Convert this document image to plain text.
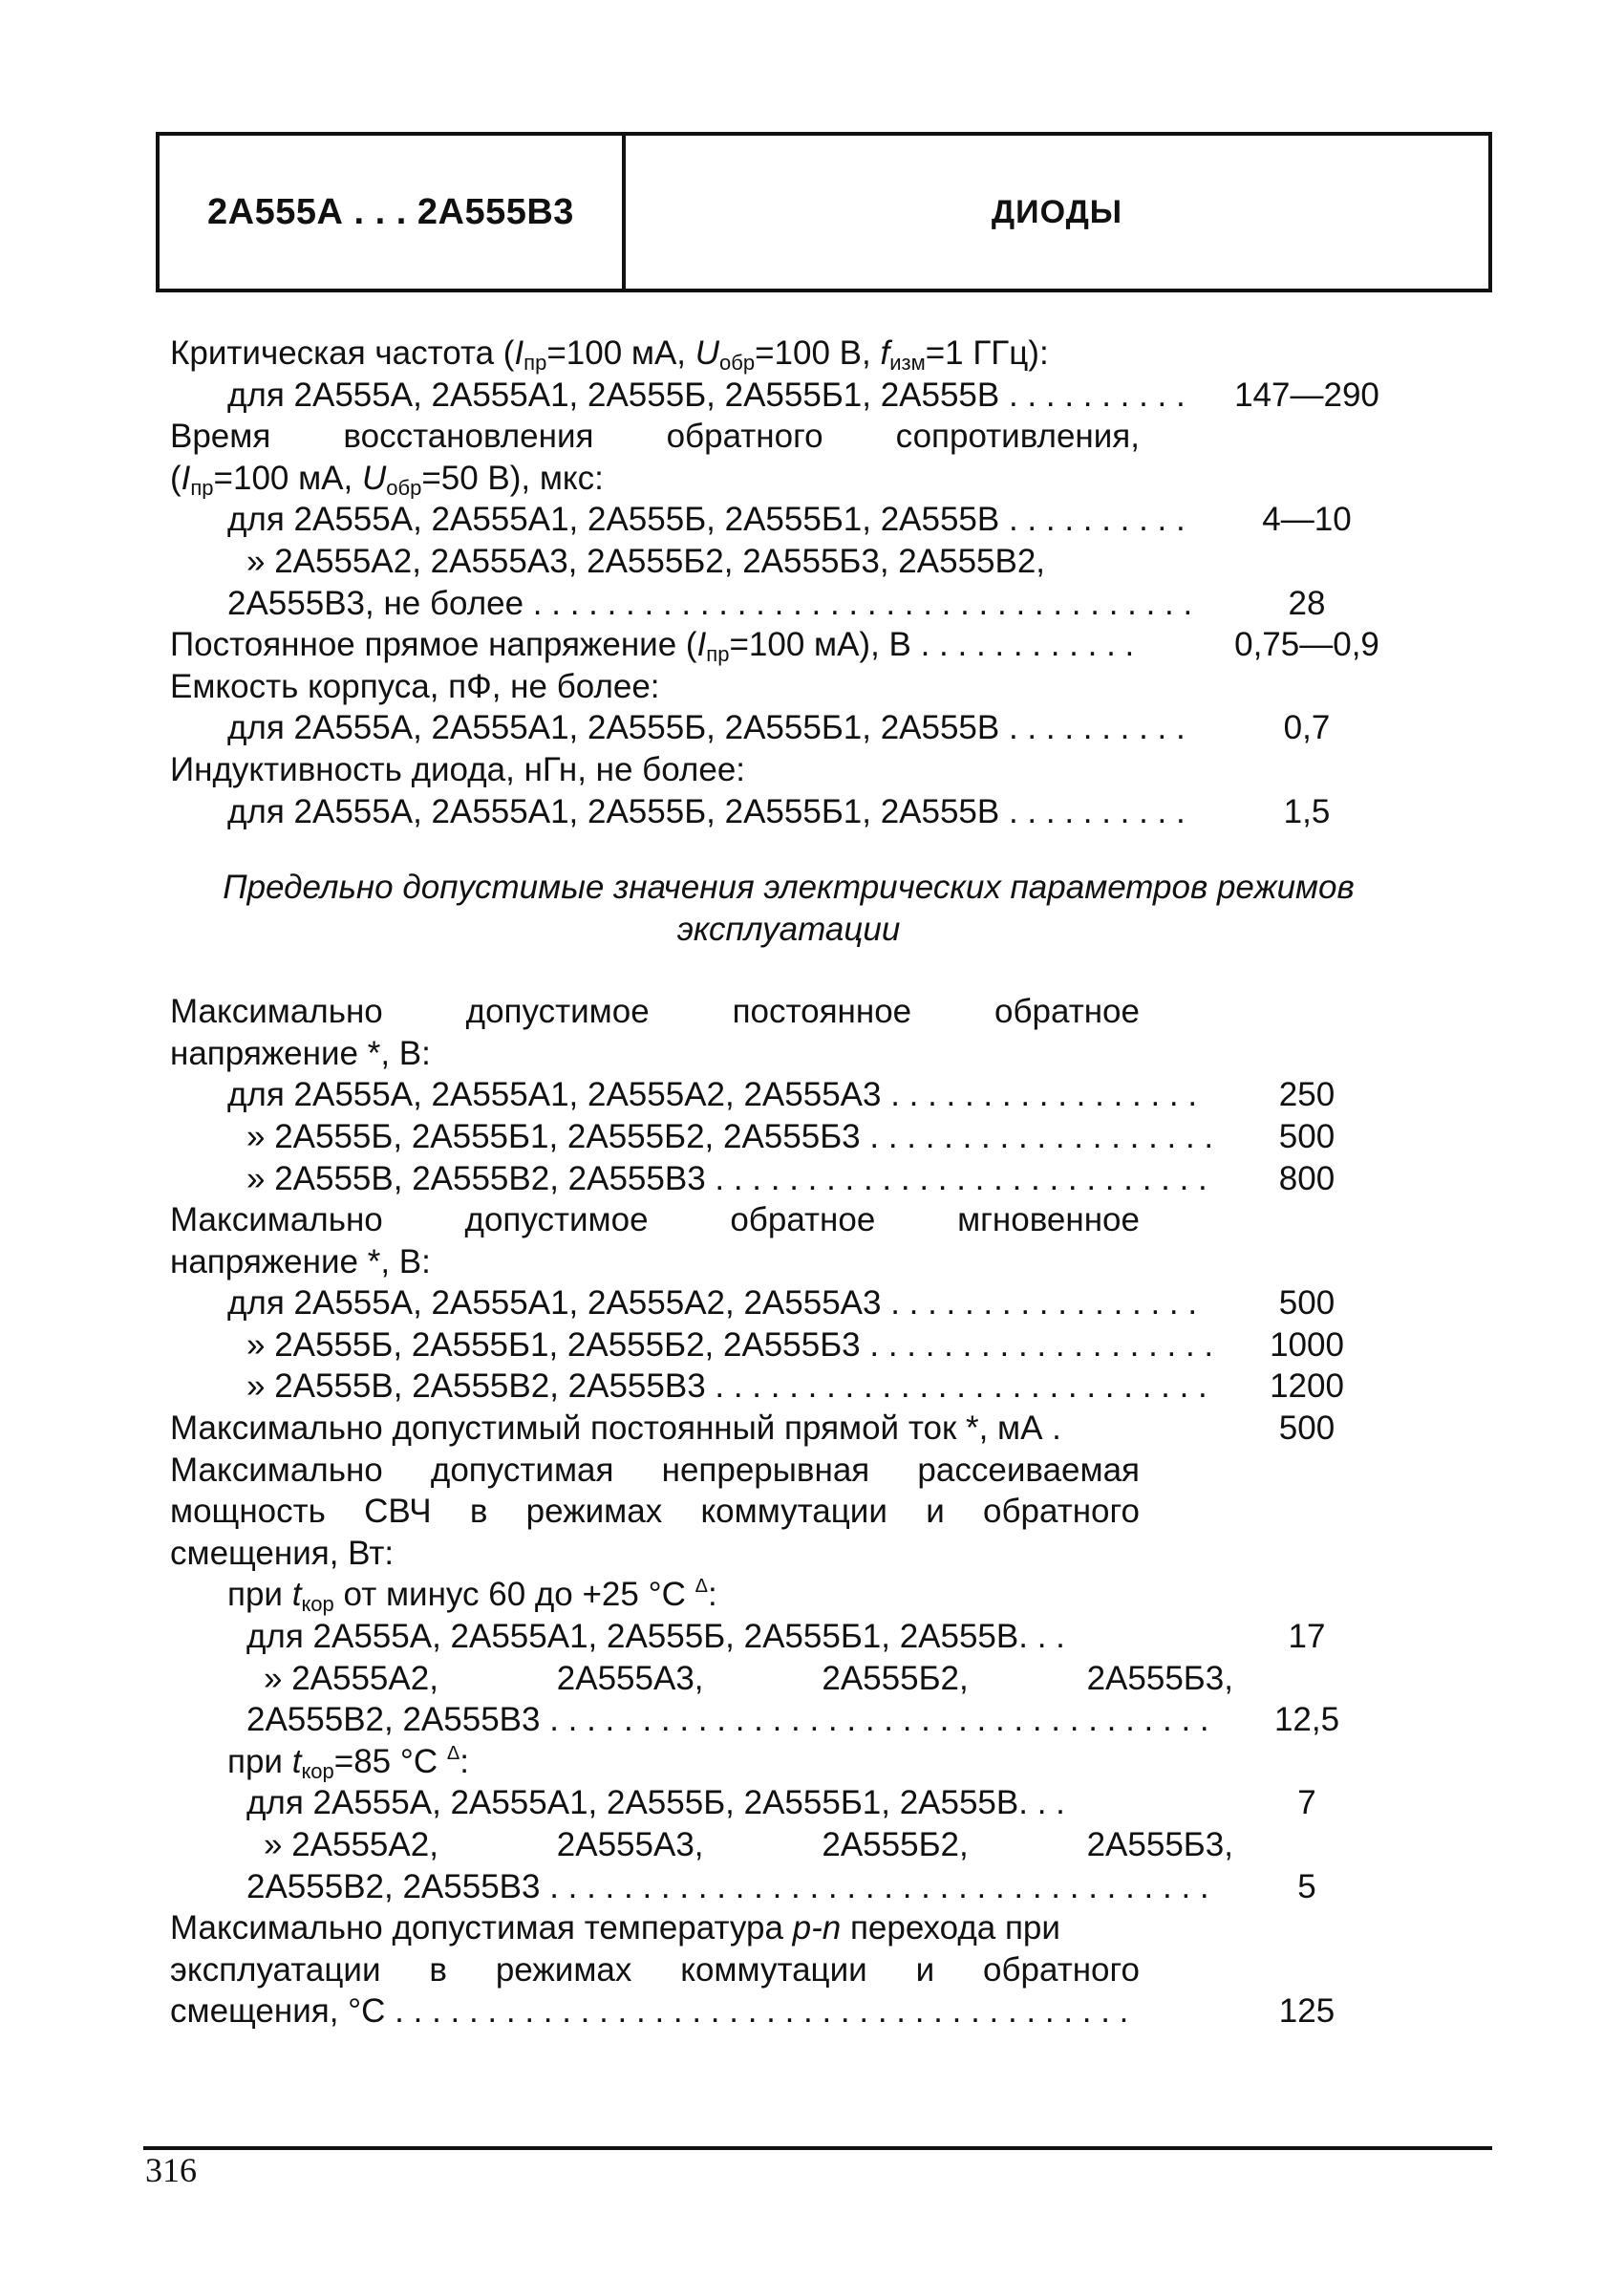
2А555А . . . 2А555В3	ДИОДЫ
Критическая частота ($I_{пр}=100$ мА, $U_{обр}=100$ В, $f_{изм}=1$ ГГц):
для 2А555А, 2А555А1, 2А555Б, 2А555Б1, 2А555В . . .	147—290
Время восстановления обратного сопротивления,
($I_{пр}=100$ мА, $U_{обр}=50$ В), мкс:
для 2А555А, 2А555А1, 2А555Б, 2А555Б1, 2А555В . . .	4—10
» 2А555А2, 2А555А3, 2А555Б2, 2А555Б3, 2А555В2,
2А555В3, не более . . .	28
Постоянное прямое напряжение ($I_{пр}=100$ мА), В . . .	0,75—0,9
Емкость корпуса, пФ, не более:
для 2А555А, 2А555А1, 2А555Б, 2А555Б1, 2А555В . . .	0,7
Индуктивность диода, нГн, не более:
для 2А555А, 2А555А1, 2А555Б, 2А555Б1, 2А555В . . .	1,5
Предельно допустимые значения электрических параметров режимов эксплуатации
Максимально допустимое постоянное обратное
напряжение *, В:
для 2А555А, 2А555А1, 2А555А2, 2А555А3 . . .	250
» 2А555Б, 2А555Б1, 2А555Б2, 2А555Б3 . . .	500
» 2А555В, 2А555В2, 2А555В3 . . .	800
Максимально допустимое обратное мгновенное
напряжение *, В:
для 2А555А, 2А555А1, 2А555А2, 2А555А3 . . .	500
» 2А555Б, 2А555Б1, 2А555Б2, 2А555Б3 . . .	1000
» 2А555В, 2А555В2, 2А555В3 . . .	1200
Максимально допустимый постоянный прямой ток *, мА .	500
Максимально допустимая непрерывная рассеиваемая
мощность СВЧ в режимах коммутации и обратного
смещения, Вт:
при $t_{кор}$ от минус 60 до +25 °С $^\Delta$:
для 2А555А, 2А555А1, 2А555Б, 2А555Б1, 2А555В. . .	17
» 2А555А2,	2А555А3,	2А555Б2,	2А555Б3,
2А555В2, 2А555В3 . . .	12,5
при $t_{кор}=85$ °С $^\Delta$:
для 2А555А, 2А555А1, 2А555Б, 2А555Б1, 2А555В. . .	7
» 2А555А2,	2А555А3,	2А555Б2,	2А555Б3,
2А555В2, 2А555В3 . . .	5
Максимально допустимая температура p-n перехода при
эксплуатации в режимах коммутации и обратного
смещения, °С . . .	125
316
